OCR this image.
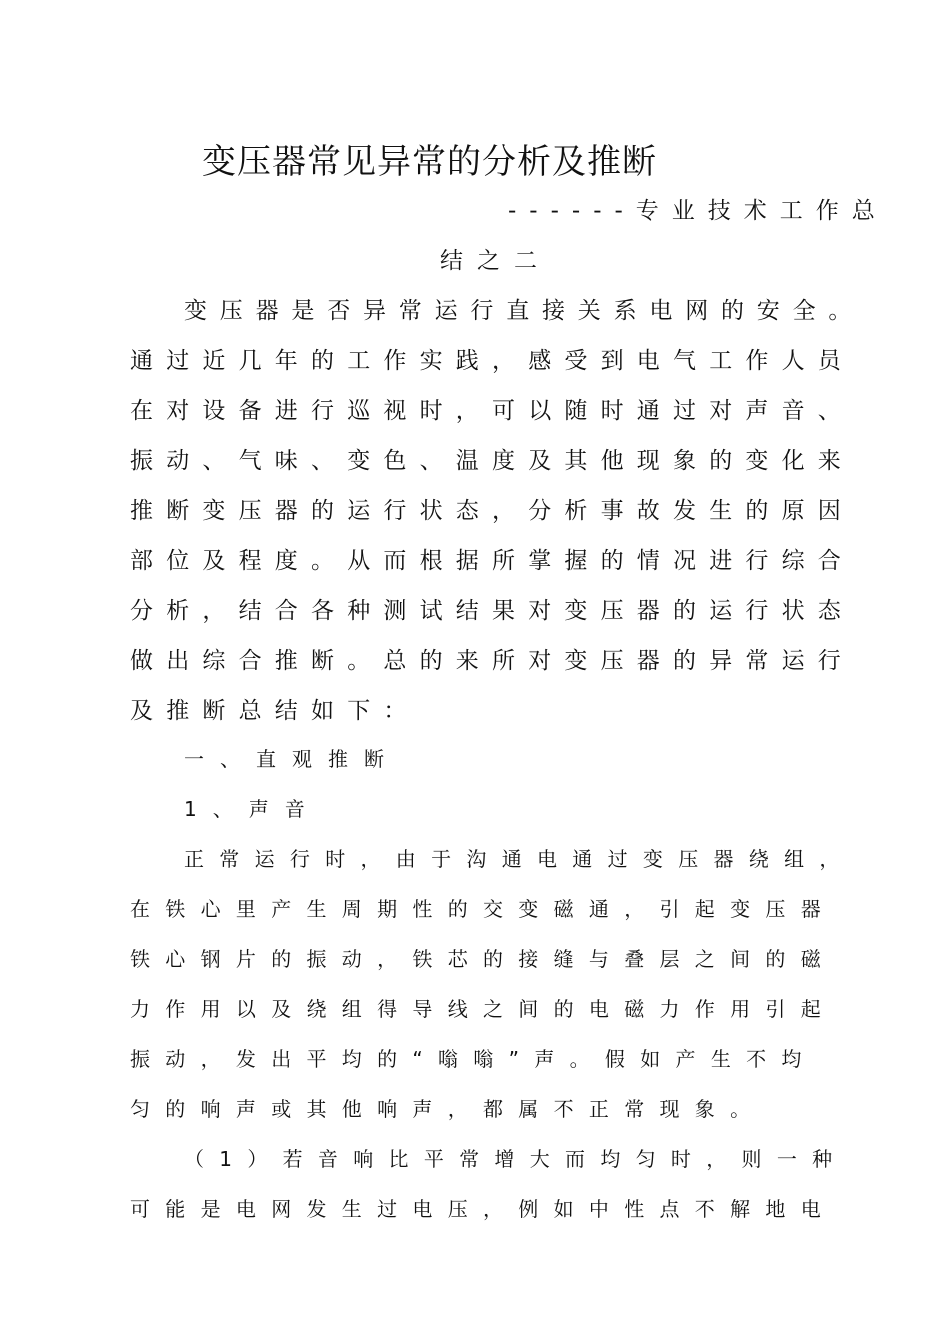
变压器常见异常的分析及推断
------专业技术工作总
结之二
变压器是否异常运行直接关系电网的安全。
通过近几年的工作实践，感受到电气工作人员
在对设备进行巡视时，可以随时通过对声音、
振动、气味、变色、温度及其他现象的变化来
推断变压器的运行状态，分析事故发生的原因
部位及程度。从而根据所掌握的情况进行综合
分析，结合各种测试结果对变压器的运行状态
做出综合推断。总的来所对变压器的异常运行
及推断总结如下：
一、直观推断
1、声音
正常运行时，由于沟通电通过变压器绕组，
在铁心里产生周期性的交变磁通，引起变压器
铁心钢片的振动，铁芯的接缝与叠层之间的磁
力作用以及绕组得导线之间的电磁力作用引起
振动，发出平均的“嗡嗡”声。假如产生不均
匀的响声或其他响声，都属不正常现象。
（1）若音响比平常增大而均匀时，则一种
可能是电网发生过电压，例如中性点不解地电
